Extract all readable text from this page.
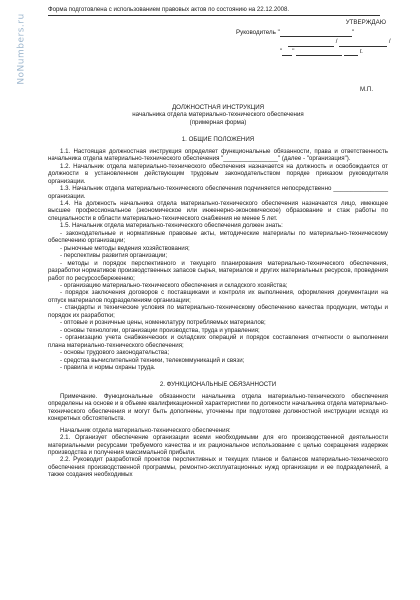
NoNumbers.ru
Форма подготовлена с использованием правовых актов по состоянию на 22.12.2008.
УТВЕРЖДАЮ
Руководитель "	"
/	/
" "	г.
М.П.
ДОЛЖНОСТНАЯ ИНСТРУКЦИЯ
начальника отдела материально-технического обеспечения
(примерная форма)
1. ОБЩИЕ ПОЛОЖЕНИЯ

1.1. Настоящая должностная инструкция определяет функциональные обязанности, права и ответственность начальника отдела материально-технического обеспечения "________________" (далее - "организация").

1.2. Начальник отдела материально-технического обеспечения назначается на должность и освобождается от должности в установленном действующим трудовым законодательством порядке приказом руководителя организации.

1.3. Начальник отдела материально-технического обеспечения подчиняется непосредственно ________________ организации.

1.4. На должность начальника отдела материально-технического обеспечения назначается лицо, имеющее высшее профессиональное (экономическое или инженерно-экономическое) образование и стаж работы по специальности в области материально-технического снабжения не менее 5 лет.

1.5. Начальник отдела материально-технического обеспечения должен знать:

- законодательные и нормативные правовые акты, методические материалы по материально-техническому обеспечению организации;

- рыночные методы ведения хозяйствования;

- перспективы развития организации;

- методы и порядок перспективного и текущего планирования материально-технического обеспечения, разработки нормативов производственных запасов сырья, материалов и других материальных ресурсов, проведения работ по ресурсосбережению;

- организацию материально-технического обеспечения и складского хозяйства;

- порядок заключения договоров с поставщиками и контроля их выполнения, оформления документации на отпуск материалов подразделениям организации;

- стандарты и технические условия по материально-техническому обеспечению качества продукции, методы и порядок их разработки;

- оптовые и розничные цены, номенклатуру потребляемых материалов;

- основы технологии, организации производства, труда и управления;

- организацию учета снабженческих и складских операций и порядок составления отчетности о выполнении плана материально-технического обеспечения;

- основы трудового законодательства;

- средства вычислительной техники, телекоммуникаций и связи;

- правила и нормы охраны труда.

2. ФУНКЦИОНАЛЬНЫЕ ОБЯЗАННОСТИ

Примечание. Функциональные обязанности начальника отдела материально-технического обеспечения определены на основе и в объеме квалификационной характеристики по должности начальника отдела материально-технического обеспечения и могут быть дополнены, уточнены при подготовке должностной инструкции исходя из конкретных обстоятельств.

Начальник отдела материально-технического обеспечения:

2.1. Организует обеспечение организации всеми необходимыми для его производственной деятельности материальными ресурсами требуемого качества и их рациональное использование с целью сокращения издержек производства и получения максимальной прибыли.

2.2. Руководит разработкой проектов перспективных и текущих планов и балансов материально-технического обеспечения производственной программы, ремонтно-эксплуатационных нужд организации и ее подразделений, а также создания необходимых
